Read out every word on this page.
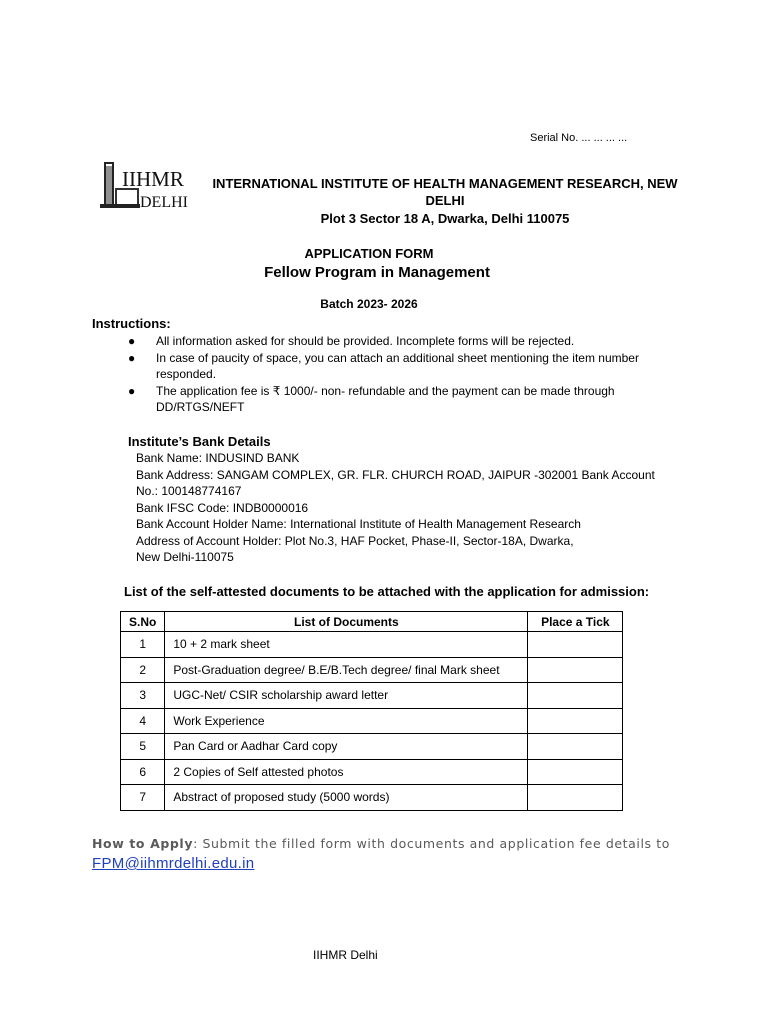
Serial No. ... ... ... ...
IIHMR
DELHI
INTERNATIONAL INSTITUTE OF HEALTH MANAGEMENT RESEARCH, NEW DELHI
Plot 3 Sector 18 A, Dwarka, Delhi 110075
APPLICATION FORM
Fellow Program in Management
Batch 2023- 2026
Instructions:
● All information asked for should be provided. Incomplete forms will be rejected.
● In case of paucity of space, you can attach an additional sheet mentioning the item number responded.
● The application fee is ₹ 1000/- non- refundable and the payment can be made through DD/RTGS/NEFT
Institute’s Bank Details
Bank Name: INDUSIND BANK
Bank Address: SANGAM COMPLEX, GR. FLR. CHURCH ROAD, JAIPUR -302001 Bank Account
No.: 100148774167
Bank IFSC Code: INDB0000016
Bank Account Holder Name: International Institute of Health Management Research
Address of Account Holder: Plot No.3, HAF Pocket, Phase-II, Sector-18A, Dwarka,
New Delhi-110075
List of the self-attested documents to be attached with the application for admission:
S.No	List of Documents	Place a Tick
1	10 + 2 mark sheet	
2	Post-Graduation degree/ B.E/B.Tech degree/ final Mark sheet	
3	UGC-Net/ CSIR scholarship award letter	
4	Work Experience	
5	Pan Card or Aadhar Card copy	
6	2 Copies of Self attested photos	
7	Abstract of proposed study (5000 words)	
How to Apply: Submit the filled form with documents and application fee details to
FPM@iihmrdelhi.edu.in
IIHMR Delhi
